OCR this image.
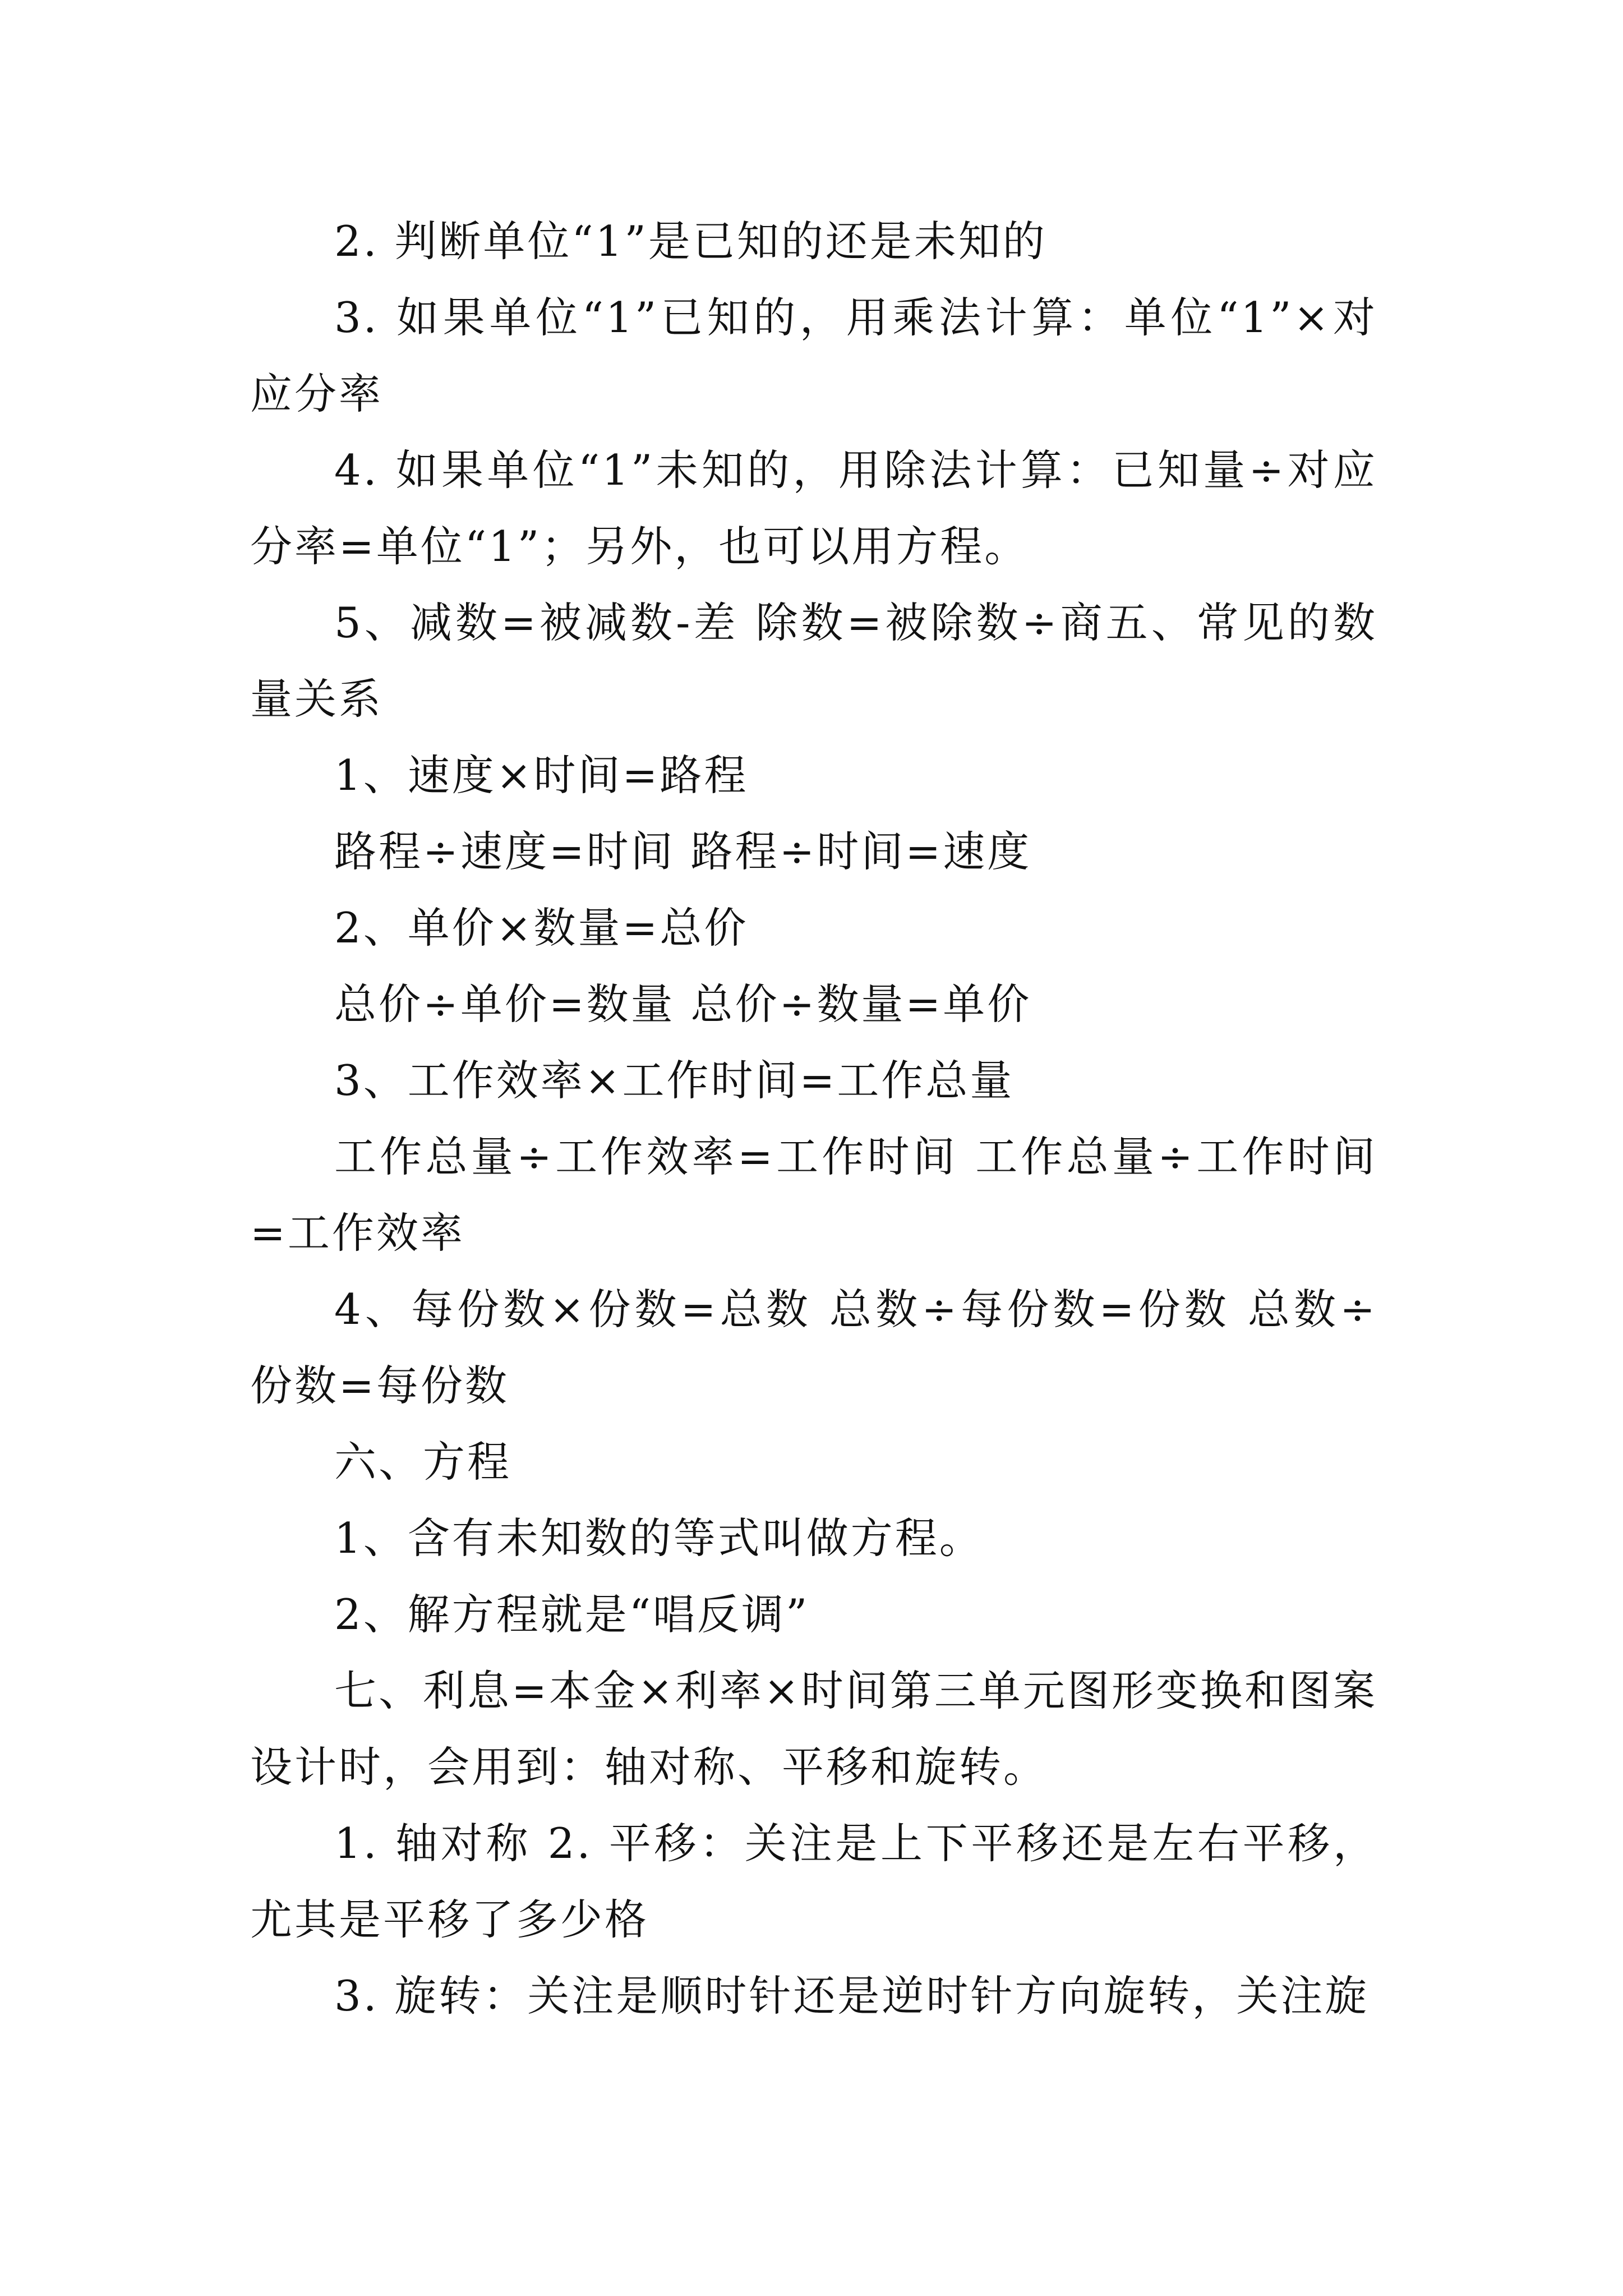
2. 判断单位“1”是已知的还是未知的

3. 如果单位“1”已知的，用乘法计算：单位“1”×对应分率

4. 如果单位“1”未知的，用除法计算：已知量÷对应分率=单位“1”；另外，也可以用方程。

5、减数=被减数-差 除数=被除数÷商五、常见的数量关系

1、速度×时间=路程

路程÷速度=时间 路程÷时间=速度

2、单价×数量=总价

总价÷单价=数量 总价÷数量=单价

3、工作效率×工作时间=工作总量

工作总量÷工作效率=工作时间 工作总量÷工作时间=工作效率

4、每份数×份数=总数 总数÷每份数=份数 总数÷份数=每份数

六、方程

1、含有未知数的等式叫做方程。

2、解方程就是“唱反调”

七、利息=本金×利率×时间第三单元图形变换和图案设计时，会用到：轴对称、平移和旋转。

1. 轴对称 2. 平移：关注是上下平移还是左右平移，尤其是平移了多少格

3. 旋转：关注是顺时针还是逆时针方向旋转，关注旋
